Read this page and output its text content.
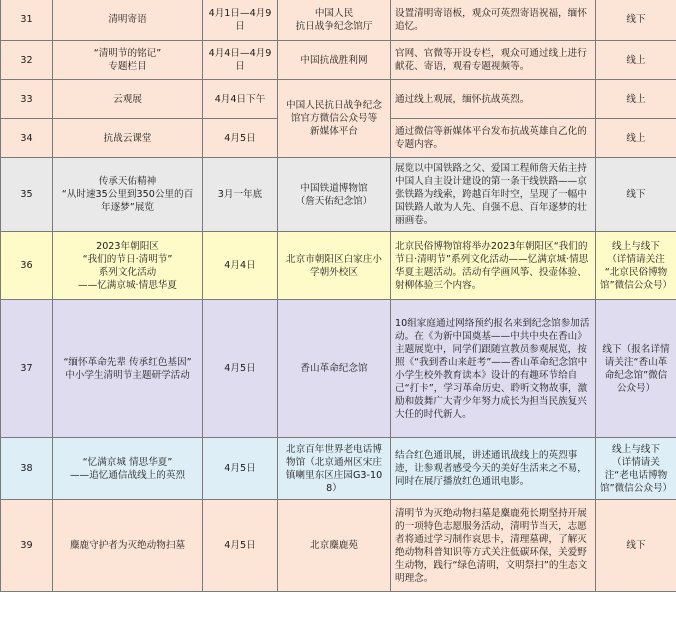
31	清明寄语	4月1日—4月9日	中国人民
抗日战争纪念馆厅	设置清明寄语板，观众可英烈寄语祝福，缅怀追忆。	线下

32	“清明节的铭记”
专题栏目	4月4日—4月9日	中国抗战胜利网	官网、官微等开设专栏，观众可通过线上进行献花、寄语，观看专题视频等。	线上

33	云观展	4月4日下午	中国人民抗日战争纪念馆官方微信公众号等
新媒体平台	通过线上观展，缅怀抗战英烈。	线上

34	抗战云课堂	4月5日		通过微信等新媒体平台发布抗战英雄自乙化的专题内容。	线上

35	传承天佑精神
“从时速35公里到350公里的百年逐梦”展览	3月一年底	中国铁道博物馆
（詹天佑纪念馆）	展览以中国铁路之父、爱国工程师詹天佑主持中国人自主设计建设的第一条干线铁路——京张铁路为线索，跨越百年时空，呈现了一幅中国铁路人敢为人先、自强不息、百年逐梦的壮丽画卷。	线下

36	2023年朝阳区
“我们的节日·清明节”
系列文化活动
——忆满京城·情思华夏	4月4日	北京市朝阳区白家庄小学朝外校区	北京民俗博物馆将举办2023年朝阳区“我们的节日·清明节”系列文化活动——忆满京城·情思华夏主题活动。活动有学画风筝、投壶体验、射柳体验三个内容。	线上与线下
（详情请关注
“北京民俗博物馆”微信公众号）

37	“缅怀革命先辈 传承红色基因”
中小学生清明节主题研学活动	4月5日	香山革命纪念馆	10组家庭通过网络预约报名来到纪念馆参加活动。在《为新中国奠基——中共中央在香山》主题展览中，同学们跟随宣教员参观展览，按照《“我到香山来赶考”——香山革命纪念馆中小学生校外教育读本》设计的有趣环节给自己“打卡”，学习革命历史、聆听文物故事，激励和鼓舞广大青少年努力成长为担当民族复兴大任的时代新人。	线下（报名详情请关注“香山革命纪念馆”微信公众号）

38	“忆满京城 情思华夏”
——追忆通信战线上的英烈	4月5日	北京百年世界老电话博物馆（北京通州区宋庄镇喇里东区庄园G3-108）	结合红色通讯展，讲述通讯战线上的英烈事迹，让参观者感受今天的美好生活来之不易，同时在展厅播放红色通讯电影。	线上与线下
（详情请关注“老电话博物馆”微信公众号）

39	麋鹿守护者为灭绝动物扫墓	4月5日	北京麋鹿苑	清明节为灭绝动物扫墓是麋鹿苑长期坚持开展的一项特色志愿服务活动，清明节当天，志愿者将通过学习制作哀思卡，清理墓碑，了解灭绝动物科普知识等方式关注低碳环保，关爱野生动物，践行“绿色清明，文明祭扫”的生态文明理念。	线下
